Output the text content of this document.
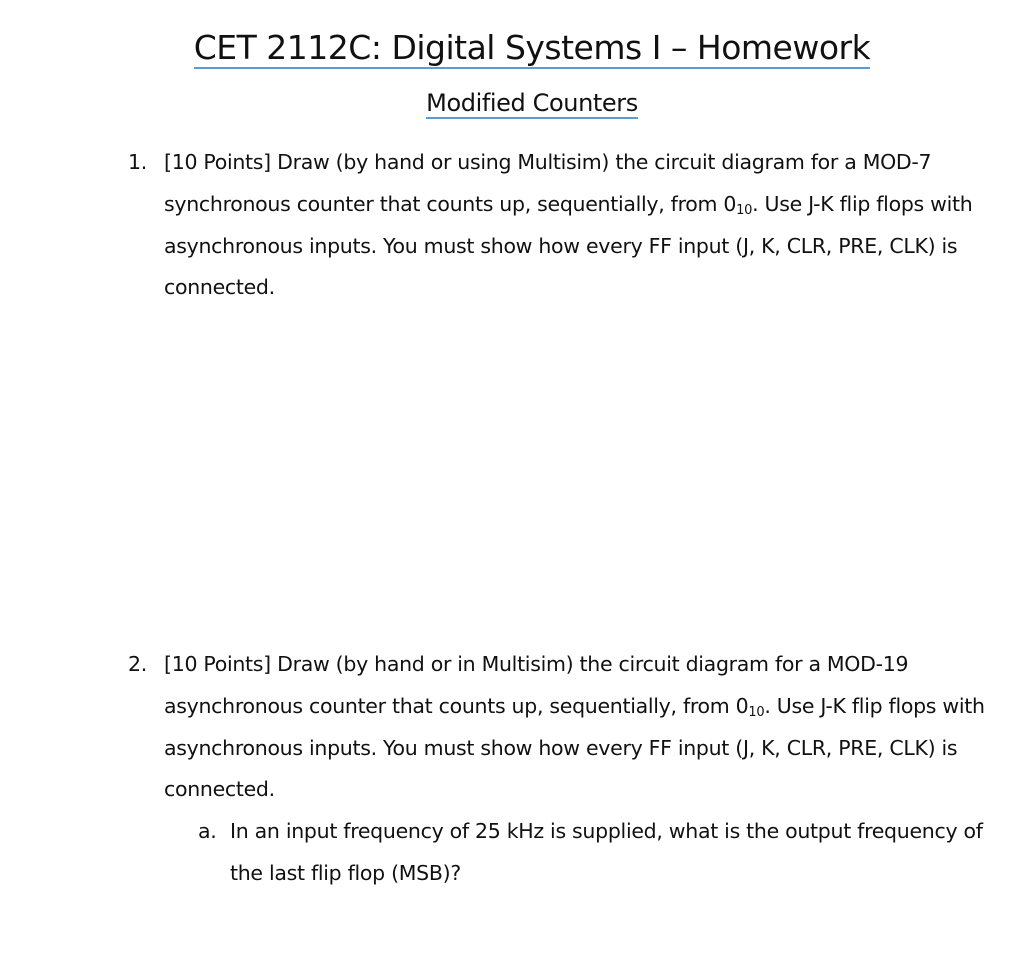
CET 2112C: Digital Systems I – Homework
Modified Counters
1. [10 Points] Draw (by hand or using Multisim) the circuit diagram for a MOD-7 synchronous counter that counts up, sequentially, from $0_{10}$. Use J-K flip flops with asynchronous inputs. You must show how every FF input (J, K, CLR, PRE, CLK) is connected.
2. [10 Points] Draw (by hand or in Multisim) the circuit diagram for a MOD-19 asynchronous counter that counts up, sequentially, from $0_{10}$. Use J-K flip flops with asynchronous inputs. You must show how every FF input (J, K, CLR, PRE, CLK) is connected.
a. In an input frequency of 25 kHz is supplied, what is the output frequency of the last flip flop (MSB)?
